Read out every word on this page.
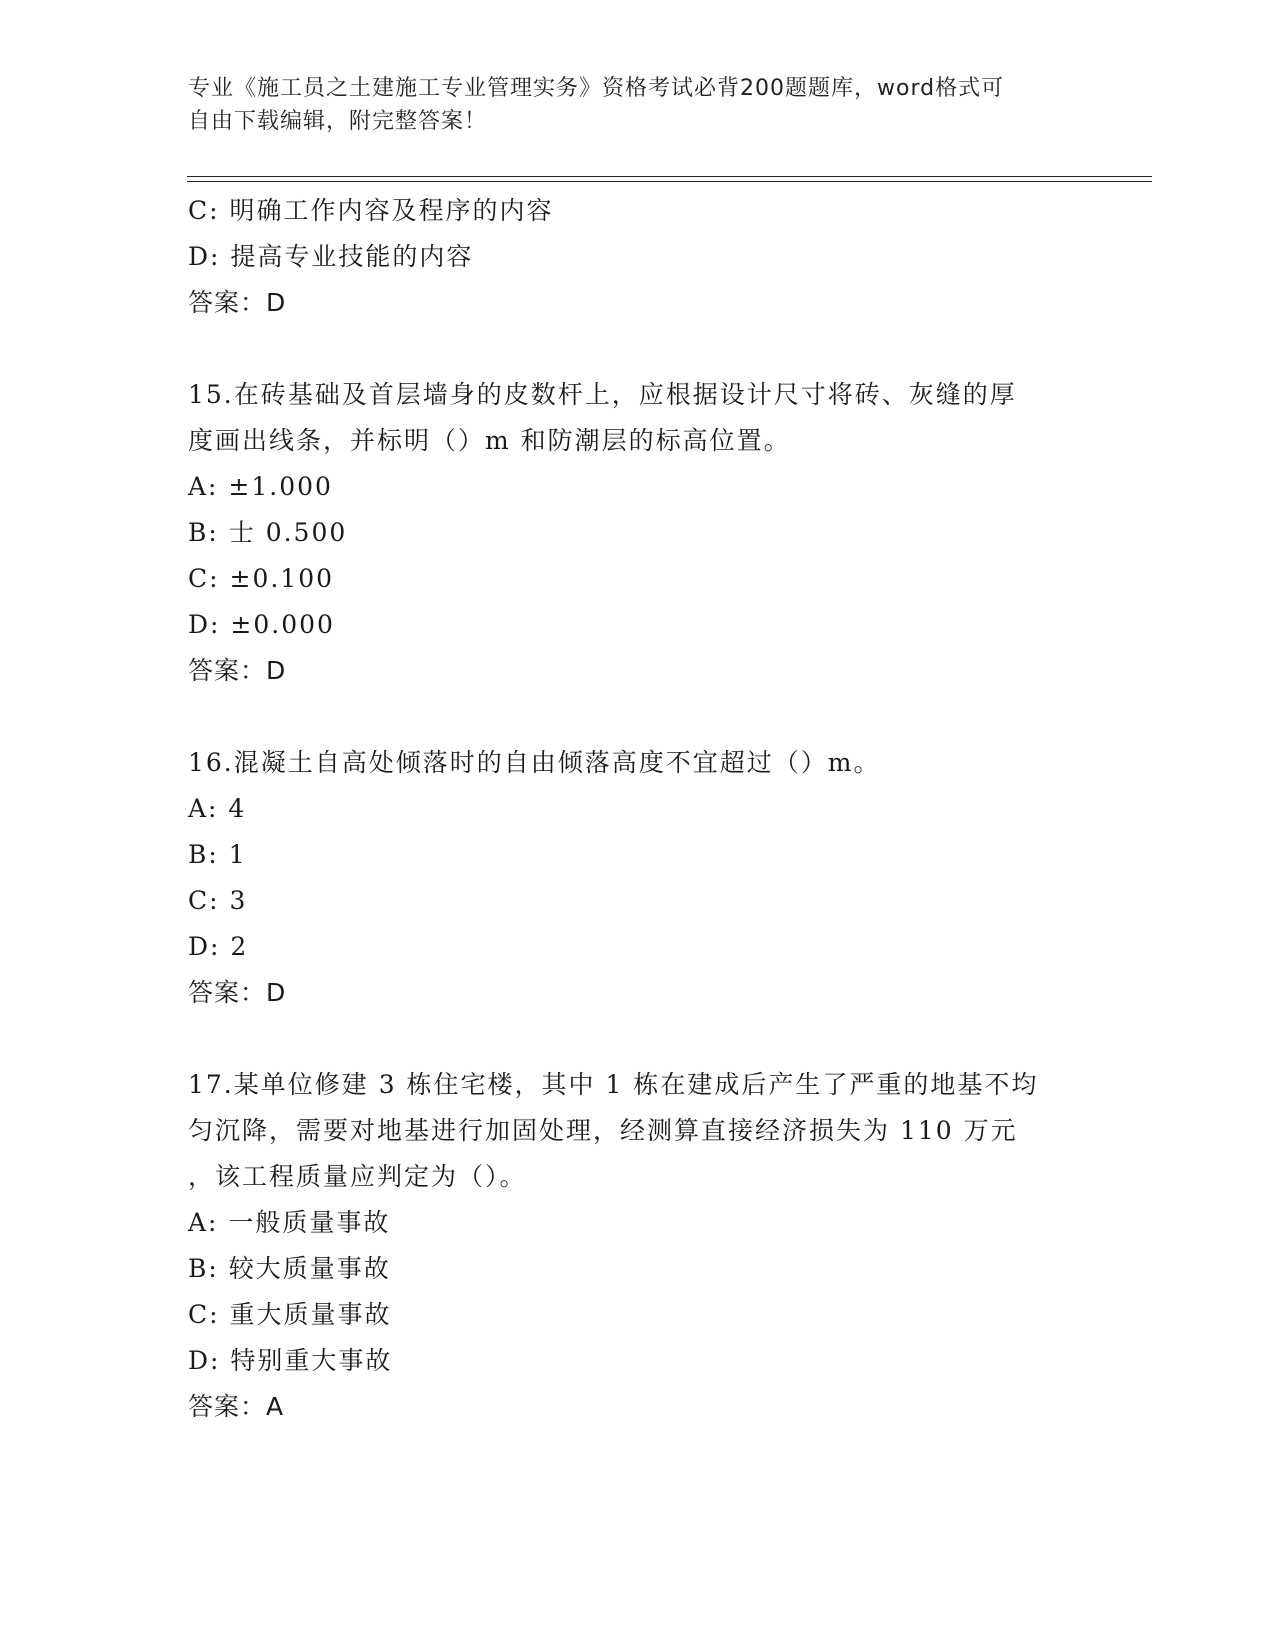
专业《施工员之土建施工专业管理实务》资格考试必背200题题库，word格式可
自由下载编辑，附完整答案！
C: 明确工作内容及程序的内容
D: 提高专业技能的内容
答案：D
15.在砖基础及首层墙身的皮数杆上，应根据设计尺寸将砖、灰缝的厚
度画出线条，并标明（）m 和防潮层的标高位置。
A: ±1.000
B: 士 0.500
C: ±0.100
D: ±0.000
答案：D
16.混凝土自高处倾落时的自由倾落高度不宜超过（）m。
A: 4
B: 1
C: 3
D: 2
答案：D
17.某单位修建 3 栋住宅楼，其中 1 栋在建成后产生了严重的地基不均
匀沉降，需要对地基进行加固处理，经测算直接经济损失为 110 万元
，该工程质量应判定为（）。
A: 一般质量事故
B: 较大质量事故
C: 重大质量事故
D: 特别重大事故
答案：A
